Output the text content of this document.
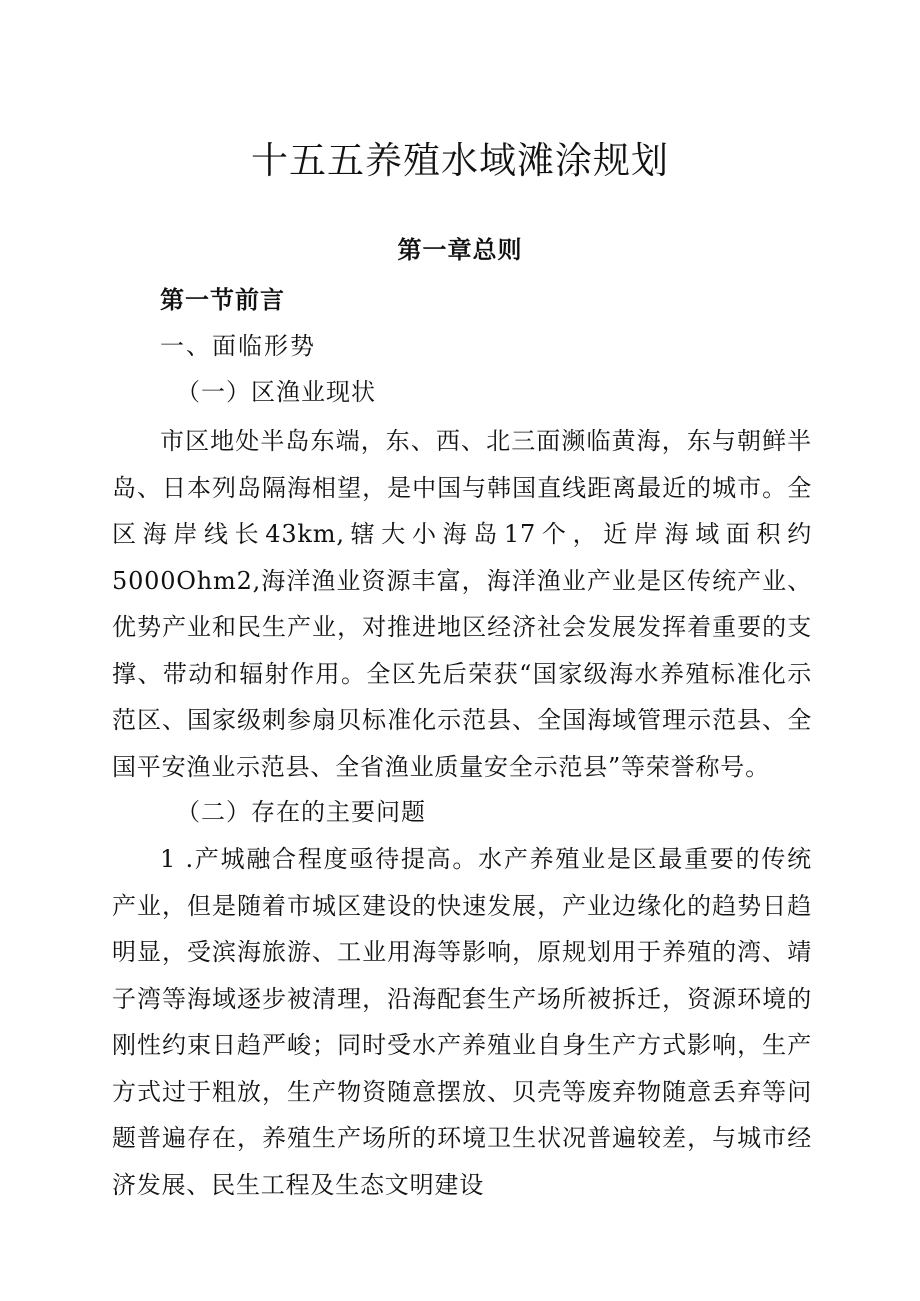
十五五养殖水域滩涂规划
第一章总则
第一节前言

一、面临形势

（一）区渔业现状

市区地处半岛东端，东、西、北三面濒临黄海，东与朝鲜半岛、日本列岛隔海相望，是中国与韩国直线距离最近的城市。全区海岸线长43km,辖大小海岛17个，近岸海域面积约5000Ohm2,海洋渔业资源丰富，海洋渔业产业是区传统产业、优势产业和民生产业，对推进地区经济社会发展发挥着重要的支撑、带动和辐射作用。全区先后荣获“国家级海水养殖标准化示范区、国家级刺参扇贝标准化示范县、全国海域管理示范县、全国平安渔业示范县、全省渔业质量安全示范县”等荣誉称号。

（二）存在的主要问题

1 .产城融合程度亟待提高。水产养殖业是区最重要的传统产业，但是随着市城区建设的快速发展，产业边缘化的趋势日趋明显，受滨海旅游、工业用海等影响，原规划用于养殖的湾、靖子湾等海域逐步被清理，沿海配套生产场所被拆迁，资源环境的刚性约束日趋严峻；同时受水产养殖业自身生产方式影响，生产方式过于粗放，生产物资随意摆放、贝壳等废弃物随意丢弃等问题普遍存在，养殖生产场所的环境卫生状况普遍较差，与城市经济发展、民生工程及生态文明建设
